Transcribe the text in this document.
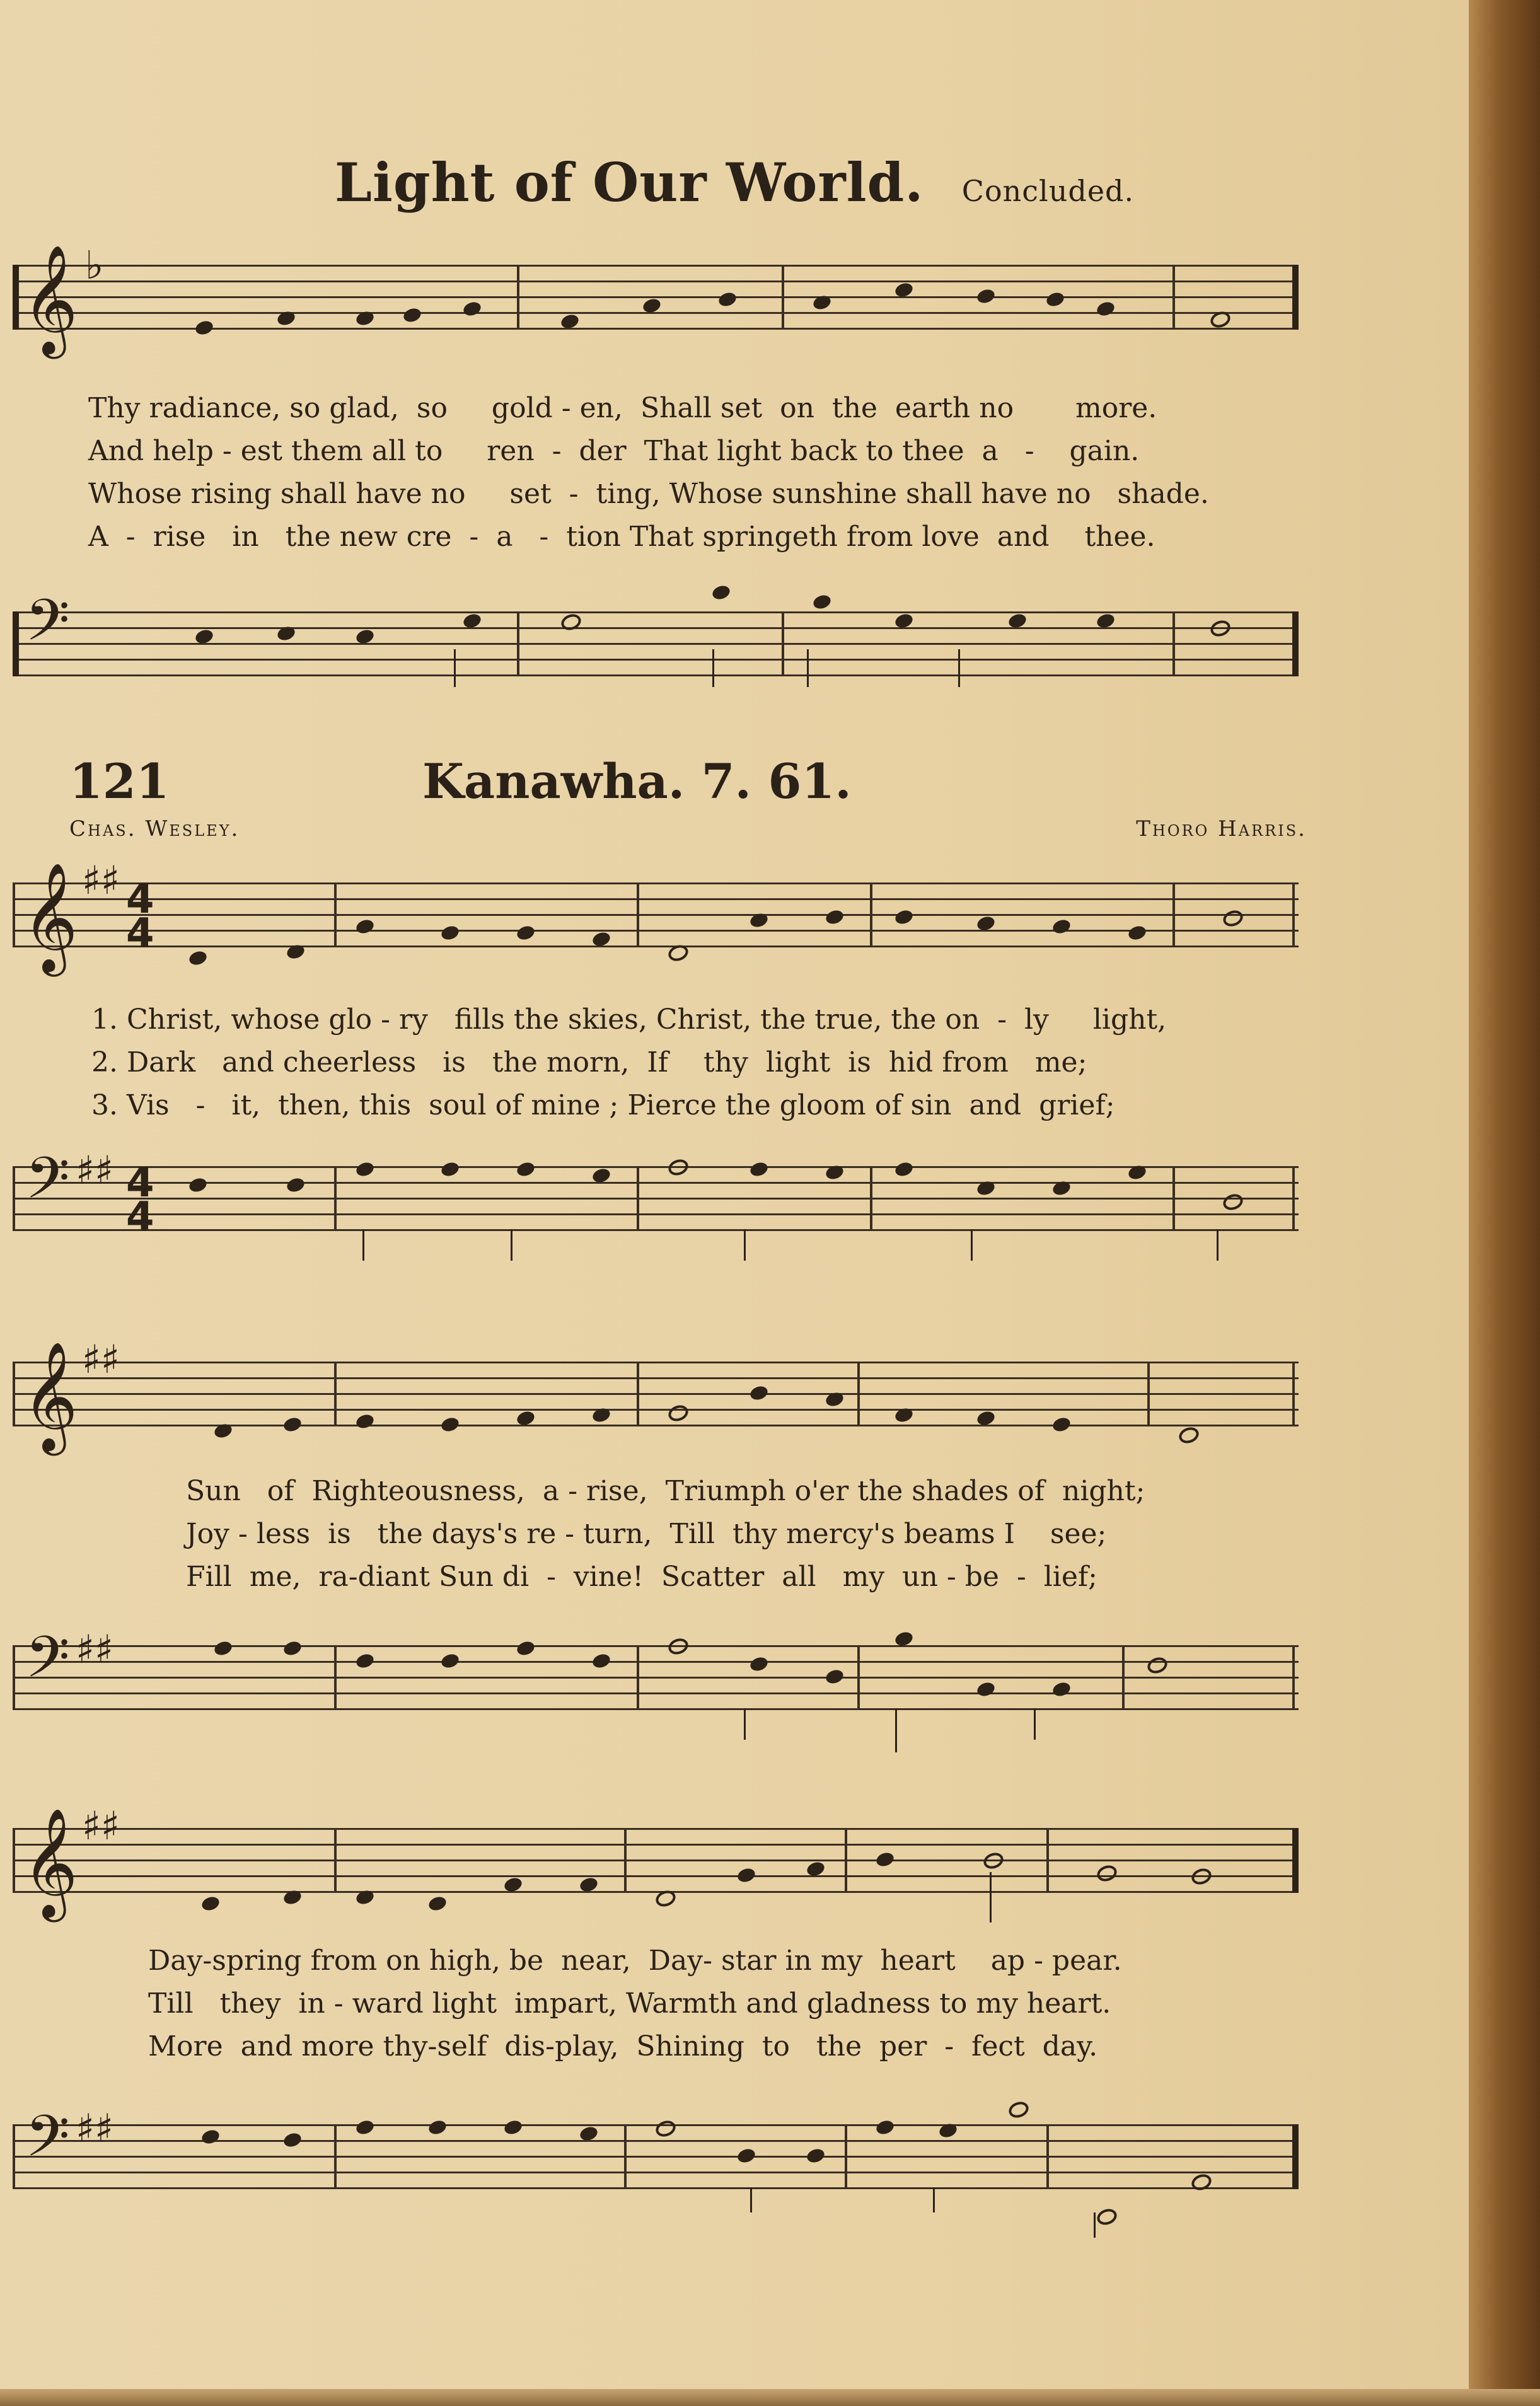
Light of Our World. Concluded.
𝄞 ♭
Thy radiance, so glad,  so     gold - en,  Shall set  on  the  earth no       more.
And help - est them all to     ren  -  der  That light back to thee  a   -    gain.
Whose rising shall have no     set  -  ting, Whose sunshine shall have no   shade.
A  -  rise   in   the new cre  -  a   -  tion That springeth from love  and    thee.
𝄢
121	Kanawha. 7. 61.
Chas. Wesley.	Thoro Harris.
𝄞 ♯♯ 4
4
1. Christ, whose glo - ry   fills the skies, Christ, the true, the on  -  ly     light,
2. Dark   and cheerless   is   the morn,  If    thy  light  is  hid from   me;
3. Vis   -   it,  then, this  soul of mine ; Pierce the gloom of sin  and  grief;
𝄢 ♯♯ 4
4
𝄞 ♯♯
Sun   of  Righteousness,  a - rise,  Triumph o'er the shades of  night;
Joy - less  is   the days's re - turn,  Till  thy mercy's beams I    see;
Fill  me,  ra-diant Sun di  -  vine!  Scatter  all   my  un - be  -  lief;
𝄢 ♯♯
𝄞 ♯♯
Day-spring from on high, be  near,  Day- star in my  heart    ap - pear.
Till   they  in - ward light  impart, Warmth and gladness to my heart.
More  and more thy-self  dis-play,  Shining  to   the  per  -  fect  day.
𝄢 ♯♯
